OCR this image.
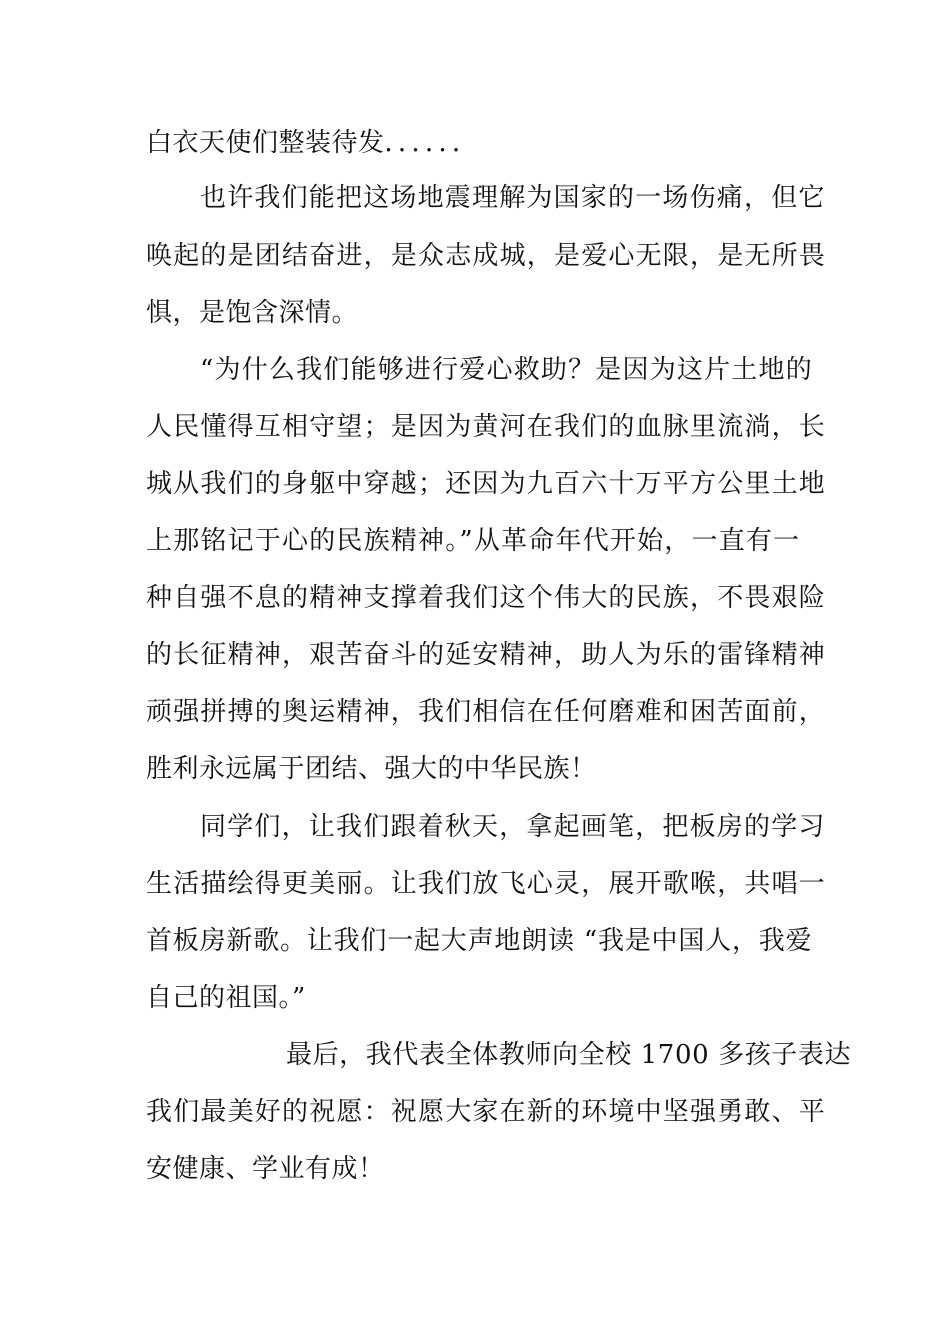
白衣天使们整装待发．．．．．．
也许我们能把这场地震理解为国家的一场伤痛，但它
唤起的是团结奋进，是众志成城，是爱心无限，是无所畏
惧，是饱含深情。
“为什么我们能够进行爱心救助？是因为这片土地的
人民懂得互相守望；是因为黄河在我们的血脉里流淌，长
城从我们的身躯中穿越；还因为九百六十万平方公里土地
上那铭记于心的民族精神。”从革命年代开始，一直有一
种自强不息的精神支撑着我们这个伟大的民族，不畏艰险
的长征精神，艰苦奋斗的延安精神，助人为乐的雷锋精神
顽强拼搏的奥运精神，我们相信在任何磨难和困苦面前，
胜利永远属于团结、强大的中华民族！
同学们，让我们跟着秋天，拿起画笔，把板房的学习
生活描绘得更美丽。让我们放飞心灵，展开歌喉，共唱一
首板房新歌。让我们一起大声地朗读 “我是中国人，我爱
自己的祖国。”
最后，我代表全体教师向全校 1700 多孩子表达
我们最美好的祝愿：祝愿大家在新的环境中坚强勇敢、平
安健康、学业有成！
